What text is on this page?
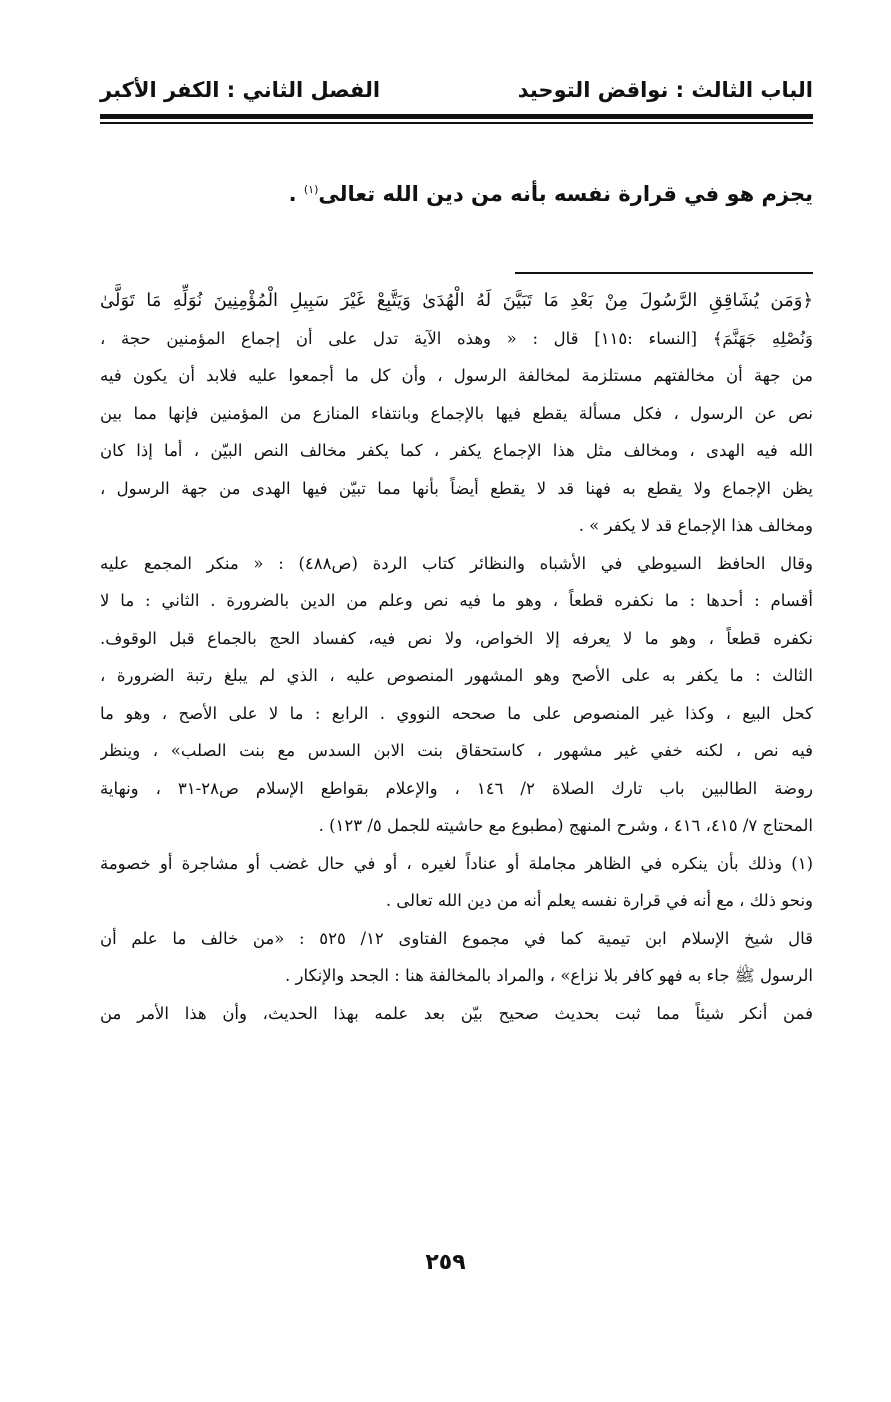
الباب الثالث : نواقض التوحيد
الفصل الثاني : الكفر الأكبر
يجزم هو في قرارة نفسه بأنه من دين الله تعالى$^{(١)}$ .
﴿وَمَن يُشَاقِقِ الرَّسُولَ مِنْ بَعْدِ مَا تَبَيَّنَ لَهُ الْهُدَىٰ وَيَتَّبِعْ غَيْرَ سَبِيلِ الْمُؤْمِنِينَ نُوَلِّهِ مَا تَوَلَّىٰ
وَنُصْلِهِ جَهَنَّمَ﴾ [النساء :١١٥] قال : « وهذه الآية تدل على أن إجماع المؤمنين حجة ،
من جهة أن مخالفتهم مستلزمة لمخالفة الرسول ، وأن كل ما أجمعوا عليه فلابد أن يكون فيه
نص عن الرسول ، فكل مسألة يقطع فيها بالإجماع وبانتفاء المنازع من المؤمنين فإنها مما بين
الله فيه الهدى ، ومخالف مثل هذا الإجماع يكفر ، كما يكفر مخالف النص البيّن ، أما إذا كان
يظن الإجماع ولا يقطع به فهنا قد لا يقطع أيضاً بأنها مما تبيّن فيها الهدى من جهة الرسول ،
ومخالف هذا الإجماع قد لا يكفر » .
وقال الحافظ السيوطي في الأشباه والنظائر كتاب الردة (ص٤٨٨) : « منكر المجمع عليه
أقسام : أحدها : ما نكفره قطعاً ، وهو ما فيه نص وعلم من الدين بالضرورة . الثاني : ما لا
نكفره قطعاً ، وهو ما لا يعرفه إلا الخواص، ولا نص فيه، كفساد الحج بالجماع قبل الوقوف.
الثالث : ما يكفر به على الأصح وهو المشهور المنصوص عليه ، الذي لم يبلغ رتبة الضرورة ،
كحل البيع ، وكذا غير المنصوص على ما صححه النووي . الرابع : ما لا على الأصح ، وهو ما
فيه نص ، لكنه خفي غير مشهور ، كاستحقاق بنت الابن السدس مع بنت الصلب» ، وينظر
روضة الطالبين باب تارك الصلاة ٢/ ١٤٦ ، والإعلام بقواطع الإسلام ص٢٨-٣١ ، ونهاية
المحتاج ٧/ ٤١٥، ٤١٦ ، وشرح المنهج (مطبوع مع حاشيته للجمل ٥/ ١٢٣) .
(١) وذلك بأن ينكره في الظاهر مجاملة أو عناداً لغيره ، أو في حال غضب أو مشاجرة أو خصومة
ونحو ذلك ، مع أنه في قرارة نفسه يعلم أنه من دين الله تعالى .
قال شيخ الإسلام ابن تيمية كما في مجموع الفتاوى ١٢/ ٥٢٥ : «من خالف ما علم أن
الرسول ﷺ جاء به فهو كافر بلا نزاع» ، والمراد بالمخالفة هنا : الجحد والإنكار .
فمن أنكر شيئاً مما ثبت بحديث صحيح بيّن بعد علمه بهذا الحديث، وأن هذا الأمر من
٢٥٩
